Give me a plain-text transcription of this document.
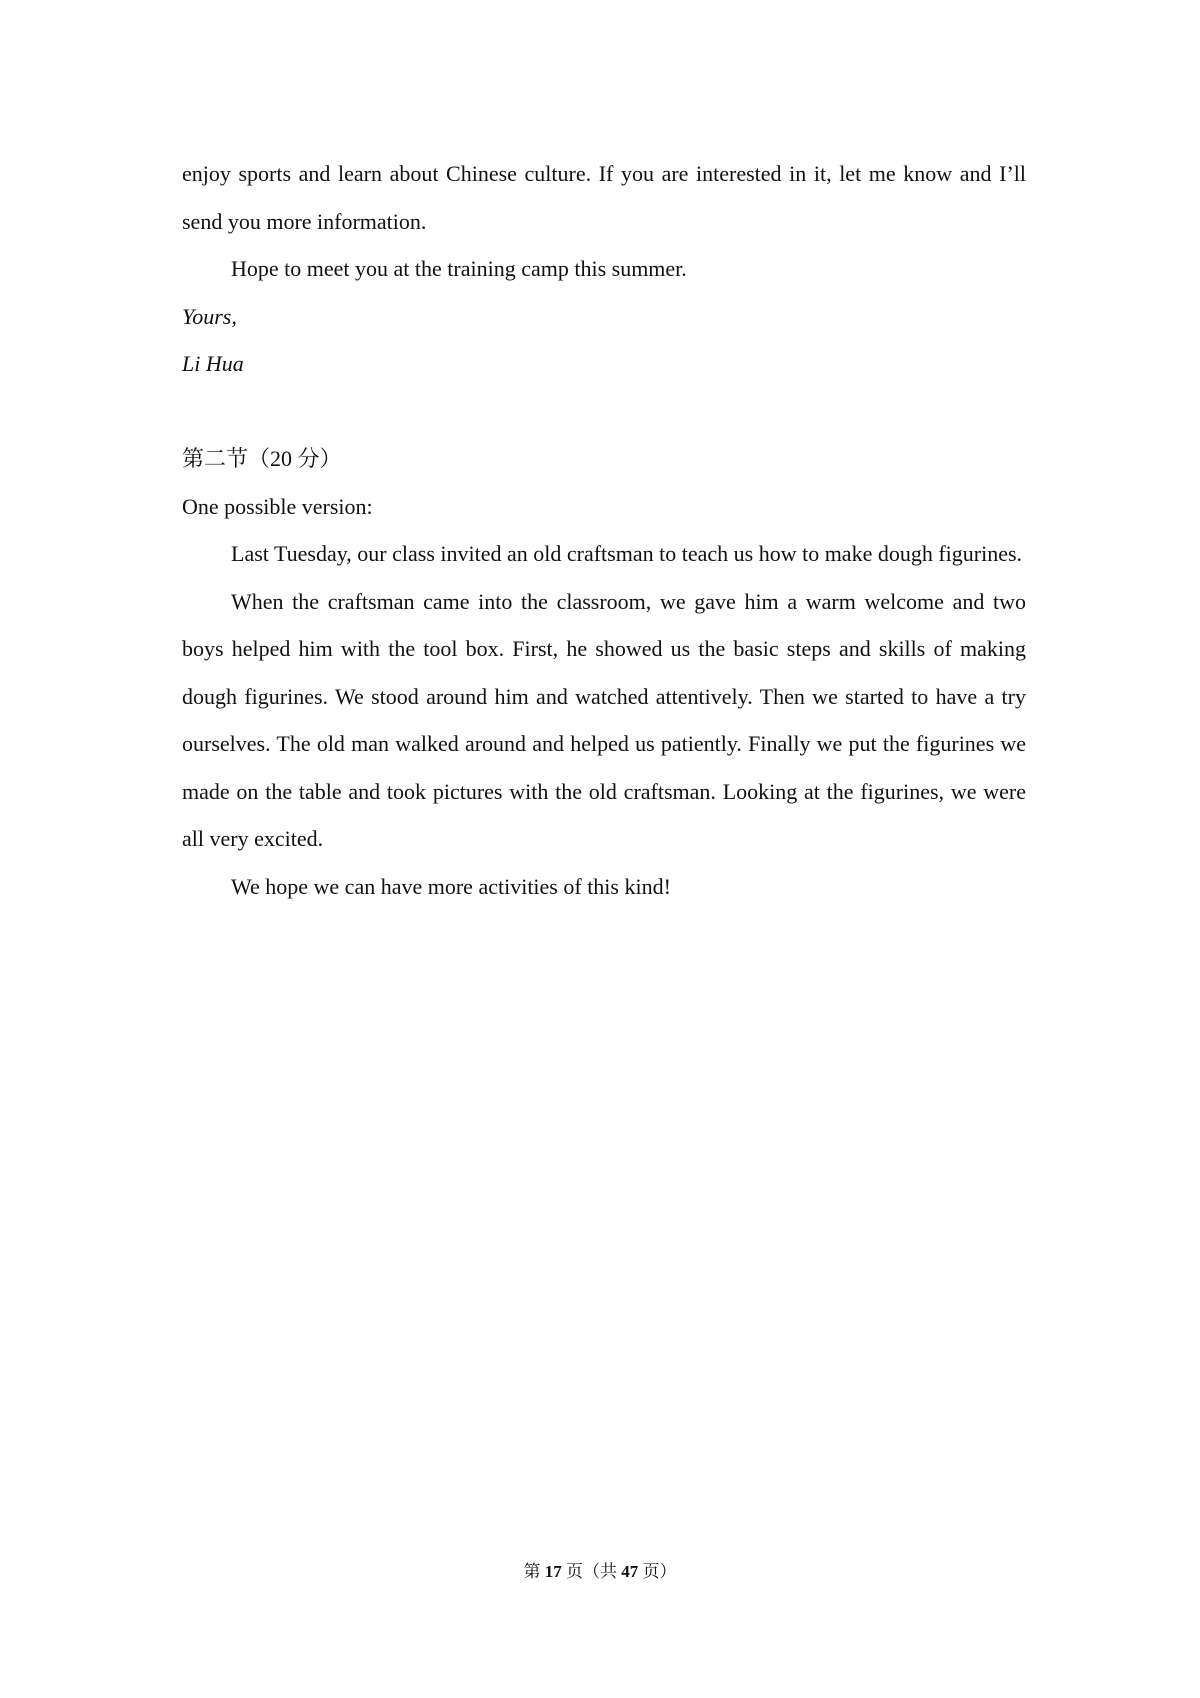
enjoy sports and learn about Chinese culture. If you are interested in it, let me know and I’ll send you more information.

Hope to meet you at the training camp this summer.

Yours,

Li Hua

第二节（20 分）

One possible version:

Last Tuesday, our class invited an old craftsman to teach us how to make dough figurines.

When the craftsman came into the classroom, we gave him a warm welcome and two boys helped him with the tool box. First, he showed us the basic steps and skills of making dough figurines. We stood around him and watched attentively. Then we started to have a try ourselves. The old man walked around and helped us patiently. Finally we put the figurines we made on the table and took pictures with the old craftsman. Looking at the figurines, we were all very excited.

We hope we can have more activities of this kind!

第 17 页（共 47 页）
